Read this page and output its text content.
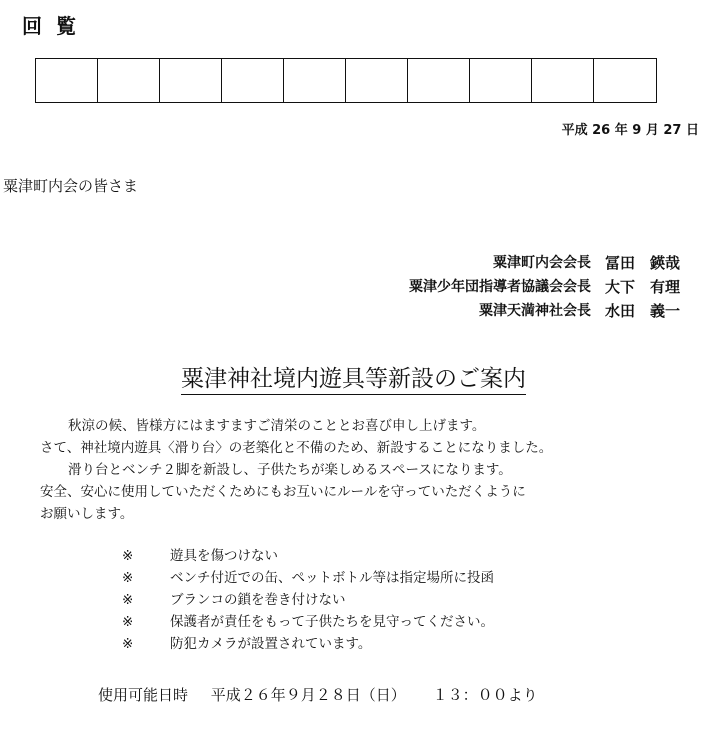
回覧
平成 26 年 9 月 27 日
粟津町内会の皆さま
粟津町内会会長 冨田　鍈哉
粟津少年団指導者協議会会長 大下　有理
粟津天満神社会長 水田　義一
粟津神社境内遊具等新設のご案内
秋涼の候、皆様方にはますますご清栄のこととお喜び申し上げます。
さて、神社境内遊具〈滑り台〉の老築化と不備のため、新設することになりました。
滑り台とベンチ２脚を新設し、子供たちが楽しめるスペースになります。
安全、安心に使用していただくためにもお互いにルールを守っていただくように
お願いします。
※	遊具を傷つけない
※	ベンチ付近での缶、ペットボトル等は指定場所に投函
※	ブランコの鎖を巻き付けない
※	保護者が責任をもって子供たちを見守ってください。
※	防犯カメラが設置されています。
使用可能日時 平成２６年９月２８日（日） １３：００より
